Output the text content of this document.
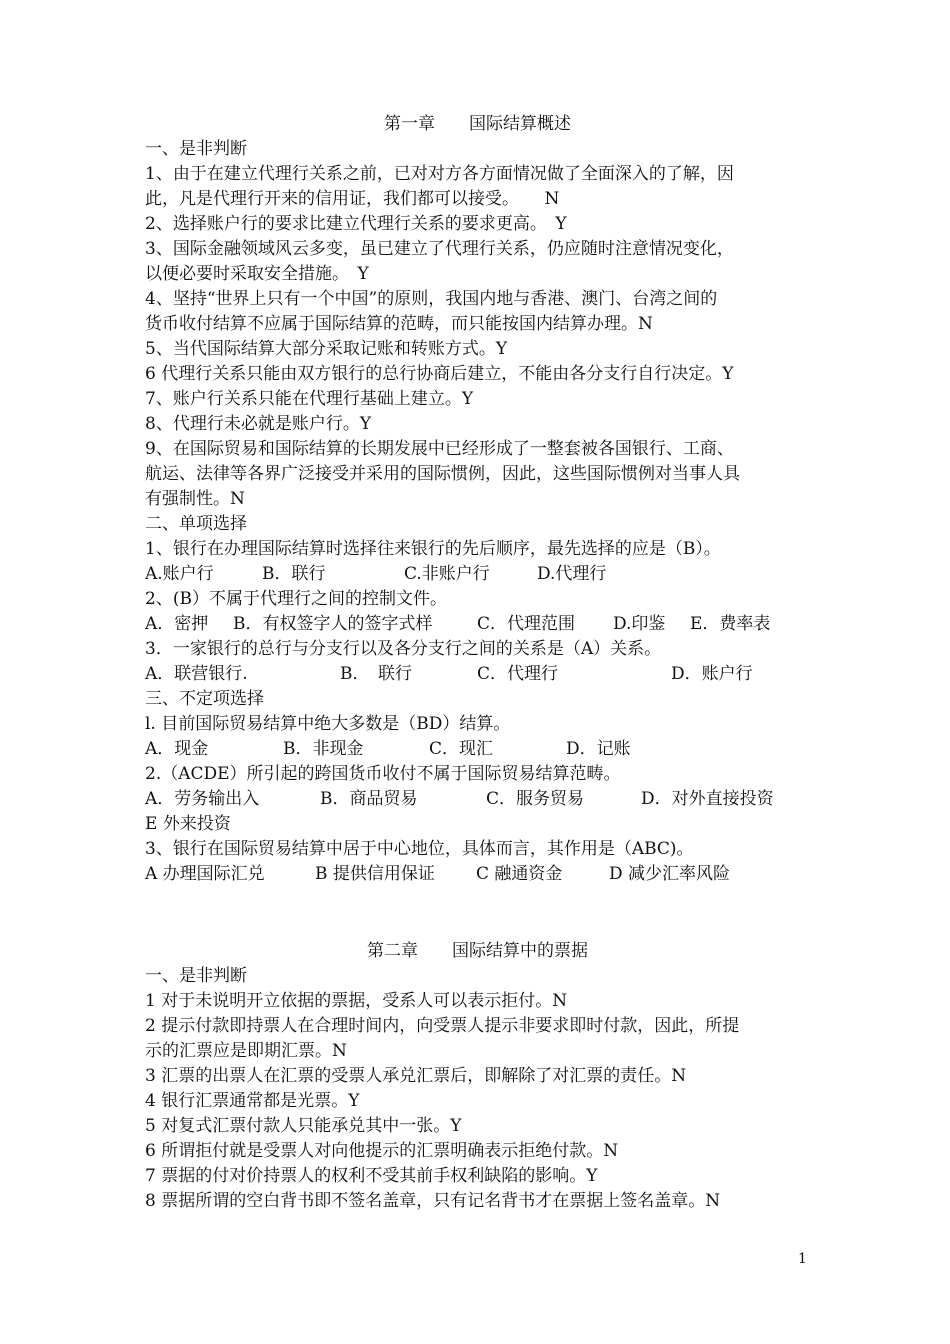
第一章　　国际结算概述
一、是非判断
1、由于在建立代理行关系之前，已对对方各方面情况做了全面深入的了解，因
此，凡是代理行开来的信用证，我们都可以接受。　　N
2、选择账户行的要求比建立代理行关系的要求更高。　Y
3、国际金融领域风云多变，虽已建立了代理行关系，仍应随时注意情况变化，
以便必要时采取安全措施。　Y
4、坚持“世界上只有一个中国”的原则，我国内地与香港、澳门、台湾之间的
货币收付结算不应属于国际结算的范畴，而只能按国内结算办理。N
5、当代国际结算大部分采取记账和转账方式。Y
6 代理行关系只能由双方银行的总行协商后建立，不能由各分支行自行决定。Y
7、账户行关系只能在代理行基础上建立。Y
8、代理行未必就是账户行。Y
9、在国际贸易和国际结算的长期发展中已经形成了一整套被各国银行、工商、
航运、法律等各界广泛接受并采用的国际惯例，因此，这些国际惯例对当事人具
有强制性。N
二、单项选择
1、银行在办理国际结算时选择往来银行的先后顺序，最先选择的应是（B）。
A.账户行	B．联行	C.非账户行	D.代理行
2、(B）不属于代理行之间的控制文件。
A．密押	B．有权签字人的签字式样	C．代理范围	D.印鉴	E．费率表
3．一家银行的总行与分支行以及各分支行之间的关系是（A）关系。
A．联营银行.	B．　联行	C．代理行	D．账户行
三、不定项选择
l. 目前国际贸易结算中绝大多数是（BD）结算。
A．现金	B．非现金	C．现汇	D．记账
2.（ACDE）所引起的跨国货币收付不属于国际贸易结算范畴。
A．劳务输出入	B．商品贸易	C．服务贸易	D．对外直接投资
E 外来投资
3、银行在国际贸易结算中居于中心地位，具体而言，其作用是（ABC)。
A 办理国际汇兑	B 提供信用保证	C 融通资金	D 减少汇率风险
第二章　　国际结算中的票据
一、是非判断
1 对于未说明开立依据的票据，受系人可以表示拒付。N
2 提示付款即持票人在合理时间内，向受票人提示非要求即时付款，因此，所提
示的汇票应是即期汇票。N
3 汇票的出票人在汇票的受票人承兑汇票后，即解除了对汇票的责任。N
4 银行汇票通常都是光票。Y
5 对复式汇票付款人只能承兑其中一张。Y
6 所谓拒付就是受票人对向他提示的汇票明确表示拒绝付款。N
7 票据的付对价持票人的权利不受其前手权利缺陷的影响。Y
8 票据所谓的空白背书即不签名盖章，只有记名背书才在票据上签名盖章。N
1
